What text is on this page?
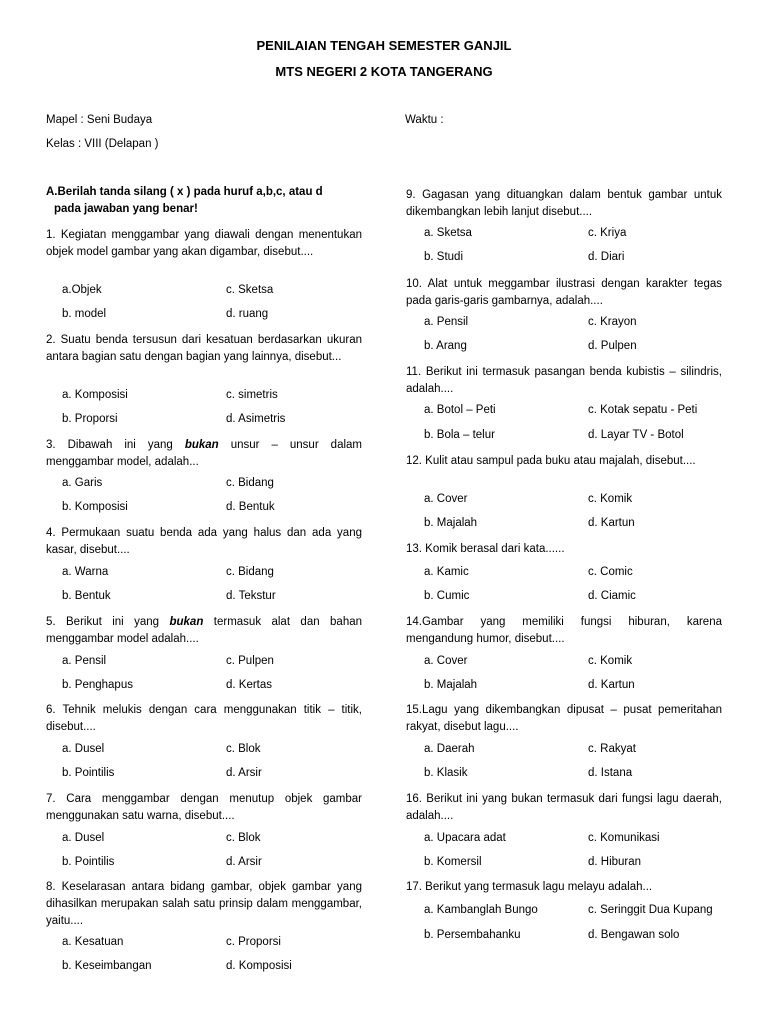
PENILAIAN TENGAH SEMESTER GANJIL
MTS NEGERI 2 KOTA TANGERANG
Mapel : Seni Budaya
Kelas : VIII (Delapan )
Waktu :
A.Berilah tanda silang ( x ) pada huruf a,b,c, atau d
pada jawaban yang benar!
1. Kegiatan menggambar yang diawali dengan menentukan objek model gambar yang akan digambar, disebut....
a.Objek	c. Sketsa
b. model	d. ruang
2. Suatu benda tersusun dari kesatuan berdasarkan ukuran antara bagian satu dengan bagian yang lainnya, disebut...
a. Komposisi	c. simetris
b. Proporsi	d. Asimetris
3. Dibawah ini yang bukan unsur – unsur dalam menggambar model, adalah...
a. Garis	c. Bidang
b. Komposisi	d. Bentuk
4. Permukaan suatu benda ada yang halus dan ada yang kasar, disebut....
a. Warna	c. Bidang
b. Bentuk	d. Tekstur
5. Berikut ini yang bukan termasuk alat dan bahan menggambar model adalah....
a. Pensil	c. Pulpen
b. Penghapus	d. Kertas
6. Tehnik melukis dengan cara menggunakan titik – titik, disebut....
a. Dusel	c. Blok
b. Pointilis	d. Arsir
7. Cara menggambar dengan menutup objek gambar menggunakan satu warna, disebut....
a. Dusel	c. Blok
b. Pointilis	d. Arsir
8. Keselarasan antara bidang gambar, objek gambar yang dihasilkan merupakan salah satu prinsip dalam menggambar, yaitu....
a. Kesatuan	c. Proporsi
b. Keseimbangan	d. Komposisi
9. Gagasan yang dituangkan dalam bentuk gambar untuk dikembangkan lebih lanjut disebut....
a. Sketsa	c. Kriya
b. Studi	d. Diari
10. Alat untuk meggambar ilustrasi dengan karakter tegas pada garis-garis gambarnya, adalah....
a. Pensil	c. Krayon
b. Arang	d. Pulpen
11. Berikut ini termasuk pasangan benda kubistis – silindris, adalah....
a. Botol – Peti	c. Kotak sepatu - Peti
b. Bola – telur	d. Layar TV - Botol
12. Kulit atau sampul pada buku atau majalah, disebut....
a. Cover	c. Komik
b. Majalah	d. Kartun
13. Komik berasal dari kata......
a. Kamic	c. Comic
b. Cumic	d. Ciamic
14.Gambar yang memiliki fungsi hiburan, karena mengandung humor, disebut....
a. Cover	c. Komik
b. Majalah	d. Kartun
15.Lagu yang dikembangkan dipusat – pusat pemeritahan rakyat, disebut lagu....
a. Daerah	c. Rakyat
b. Klasik	d. Istana
16. Berikut ini yang bukan termasuk dari fungsi lagu daerah, adalah....
a. Upacara adat	c. Komunikasi
b. Komersil	d. Hiburan
17. Berikut yang termasuk lagu melayu adalah...
a. Kambanglah Bungo	c. Seringgit Dua Kupang
b. Persembahanku	d. Bengawan solo
